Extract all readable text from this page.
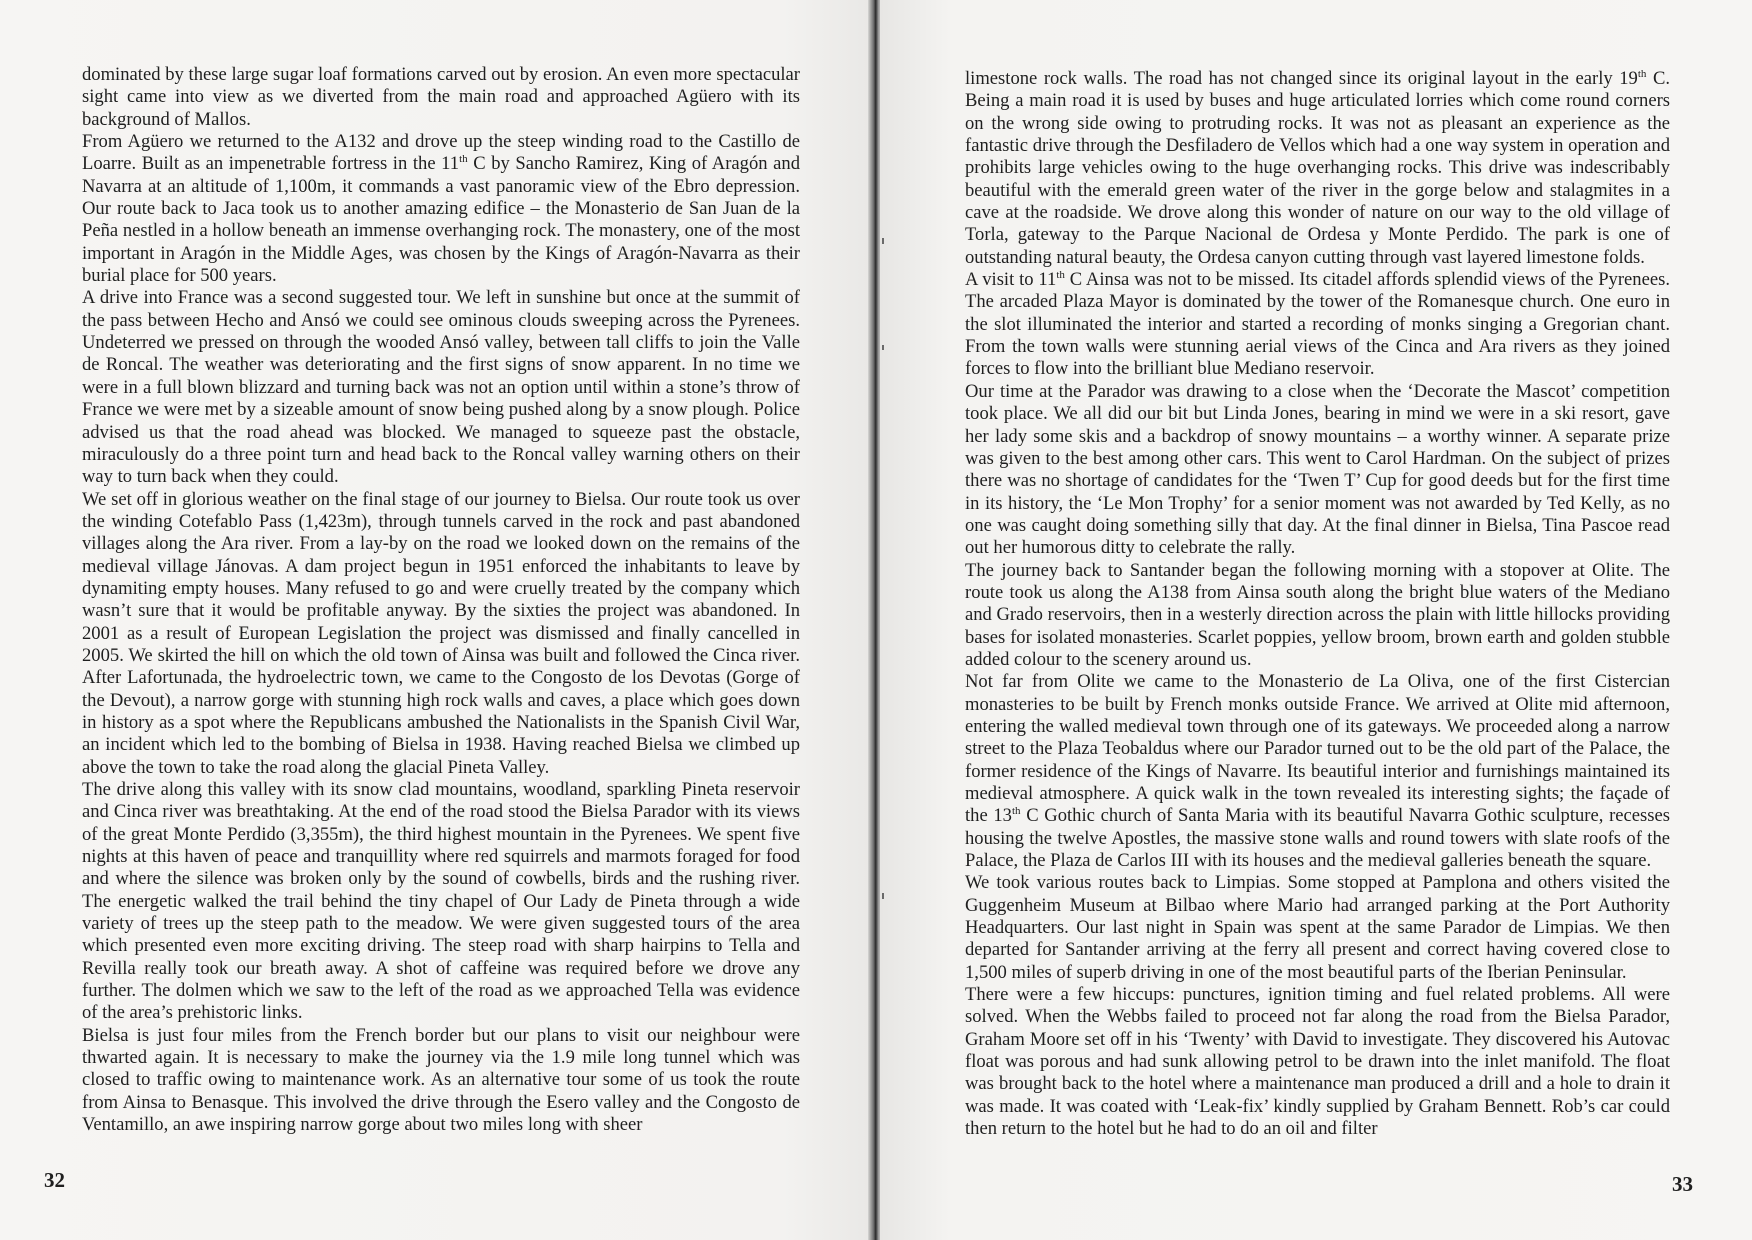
dominated by these large sugar loaf formations carved out by erosion. An even more spectacular sight came into view as we diverted from the main road and approached Agüero with its background of Mallos.

From Agüero we returned to the A132 and drove up the steep winding road to the Castillo de Loarre. Built as an impenetrable fortress in the 11th C by Sancho Ramirez, King of Aragón and Navarra at an altitude of 1,100m, it commands a vast panoramic view of the Ebro depression. Our route back to Jaca took us to another amazing edifice – the Monasterio de San Juan de la Peña nestled in a hollow beneath an immense overhanging rock. The monastery, one of the most important in Aragón in the Middle Ages, was chosen by the Kings of Aragón-Navarra as their burial place for 500 years.

A drive into France was a second suggested tour. We left in sunshine but once at the summit of the pass between Hecho and Ansó we could see ominous clouds sweeping across the Pyrenees. Undeterred we pressed on through the wooded Ansó valley, between tall cliffs to join the Valle de Roncal. The weather was deteriorating and the first signs of snow apparent. In no time we were in a full blown blizzard and turning back was not an option until within a stone’s throw of France we were met by a sizeable amount of snow being pushed along by a snow plough. Police advised us that the road ahead was blocked. We managed to squeeze past the obstacle, miraculously do a three point turn and head back to the Roncal valley warning others on their way to turn back when they could.

We set off in glorious weather on the final stage of our journey to Bielsa. Our route took us over the winding Cotefablo Pass (1,423m), through tunnels carved in the rock and past abandoned villages along the Ara river. From a lay-by on the road we looked down on the remains of the medieval village Jánovas. A dam project begun in 1951 enforced the inhabitants to leave by dynamiting empty houses. Many refused to go and were cruelly treated by the company which wasn’t sure that it would be profitable anyway. By the sixties the project was abandoned. In 2001 as a result of European Legislation the project was dismissed and finally cancelled in 2005. We skirted the hill on which the old town of Ainsa was built and followed the Cinca river. After Lafortunada, the hydroelectric town, we came to the Congosto de los Devotas (Gorge of the Devout), a narrow gorge with stunning high rock walls and caves, a place which goes down in history as a spot where the Republicans ambushed the Nationalists in the Spanish Civil War, an incident which led to the bombing of Bielsa in 1938. Having reached Bielsa we climbed up above the town to take the road along the glacial Pineta Valley.

The drive along this valley with its snow clad mountains, woodland, sparkling Pineta reservoir and Cinca river was breathtaking. At the end of the road stood the Bielsa Parador with its views of the great Monte Perdido (3,355m), the third highest mountain in the Pyrenees. We spent five nights at this haven of peace and tranquillity where red squirrels and marmots foraged for food and where the silence was broken only by the sound of cowbells, birds and the rushing river. The energetic walked the trail behind the tiny chapel of Our Lady de Pineta through a wide variety of trees up the steep path to the meadow. We were given suggested tours of the area which presented even more exciting driving. The steep road with sharp hairpins to Tella and Revilla really took our breath away. A shot of caffeine was required before we drove any further. The dolmen which we saw to the left of the road as we approached Tella was evidence of the area’s prehistoric links.

Bielsa is just four miles from the French border but our plans to visit our neighbour were thwarted again. It is necessary to make the journey via the 1.9 mile long tunnel which was closed to traffic owing to maintenance work. As an alternative tour some of us took the route from Ainsa to Benasque. This involved the drive through the Esero valley and the Congosto de Ventamillo, an awe inspiring narrow gorge about two miles long with sheer

32

limestone rock walls. The road has not changed since its original layout in the early 19th C. Being a main road it is used by buses and huge articulated lorries which come round corners on the wrong side owing to protruding rocks. It was not as pleasant an experience as the fantastic drive through the Desfiladero de Vellos which had a one way system in operation and prohibits large vehicles owing to the huge overhanging rocks. This drive was indescribably beautiful with the emerald green water of the river in the gorge below and stalagmites in a cave at the roadside. We drove along this wonder of nature on our way to the old village of Torla, gateway to the Parque Nacional de Ordesa y Monte Perdido. The park is one of outstanding natural beauty, the Ordesa canyon cutting through vast layered limestone folds.

A visit to 11th C Ainsa was not to be missed. Its citadel affords splendid views of the Pyrenees. The arcaded Plaza Mayor is dominated by the tower of the Romanesque church. One euro in the slot illuminated the interior and started a recording of monks singing a Gregorian chant. From the town walls were stunning aerial views of the Cinca and Ara rivers as they joined forces to flow into the brilliant blue Mediano reservoir.

Our time at the Parador was drawing to a close when the ‘Decorate the Mascot’ competition took place. We all did our bit but Linda Jones, bearing in mind we were in a ski resort, gave her lady some skis and a backdrop of snowy mountains – a worthy winner. A separate prize was given to the best among other cars. This went to Carol Hardman. On the subject of prizes there was no shortage of candidates for the ‘Twen T’ Cup for good deeds but for the first time in its history, the ‘Le Mon Trophy’ for a senior moment was not awarded by Ted Kelly, as no one was caught doing something silly that day. At the final dinner in Bielsa, Tina Pascoe read out her humorous ditty to celebrate the rally.

The journey back to Santander began the following morning with a stopover at Olite. The route took us along the A138 from Ainsa south along the bright blue waters of the Mediano and Grado reservoirs, then in a westerly direction across the plain with little hillocks providing bases for isolated monasteries. Scarlet poppies, yellow broom, brown earth and golden stubble added colour to the scenery around us.

Not far from Olite we came to the Monasterio de La Oliva, one of the first Cistercian monasteries to be built by French monks outside France. We arrived at Olite mid afternoon, entering the walled medieval town through one of its gateways. We proceeded along a narrow street to the Plaza Teobaldus where our Parador turned out to be the old part of the Palace, the former residence of the Kings of Navarre. Its beautiful interior and furnishings maintained its medieval atmosphere. A quick walk in the town revealed its interesting sights; the façade of the 13th C Gothic church of Santa Maria with its beautiful Navarra Gothic sculpture, recesses housing the twelve Apostles, the massive stone walls and round towers with slate roofs of the Palace, the Plaza de Carlos III with its houses and the medieval galleries beneath the square.

We took various routes back to Limpias. Some stopped at Pamplona and others visited the Guggenheim Museum at Bilbao where Mario had arranged parking at the Port Authority Headquarters. Our last night in Spain was spent at the same Parador de Limpias. We then departed for Santander arriving at the ferry all present and correct having covered close to 1,500 miles of superb driving in one of the most beautiful parts of the Iberian Peninsular.

There were a few hiccups: punctures, ignition timing and fuel related problems. All were solved. When the Webbs failed to proceed not far along the road from the Bielsa Parador, Graham Moore set off in his ‘Twenty’ with David to investigate. They discovered his Autovac float was porous and had sunk allowing petrol to be drawn into the inlet manifold. The float was brought back to the hotel where a maintenance man produced a drill and a hole to drain it was made. It was coated with ‘Leak-fix’ kindly supplied by Graham Bennett. Rob’s car could then return to the hotel but he had to do an oil and filter

33
